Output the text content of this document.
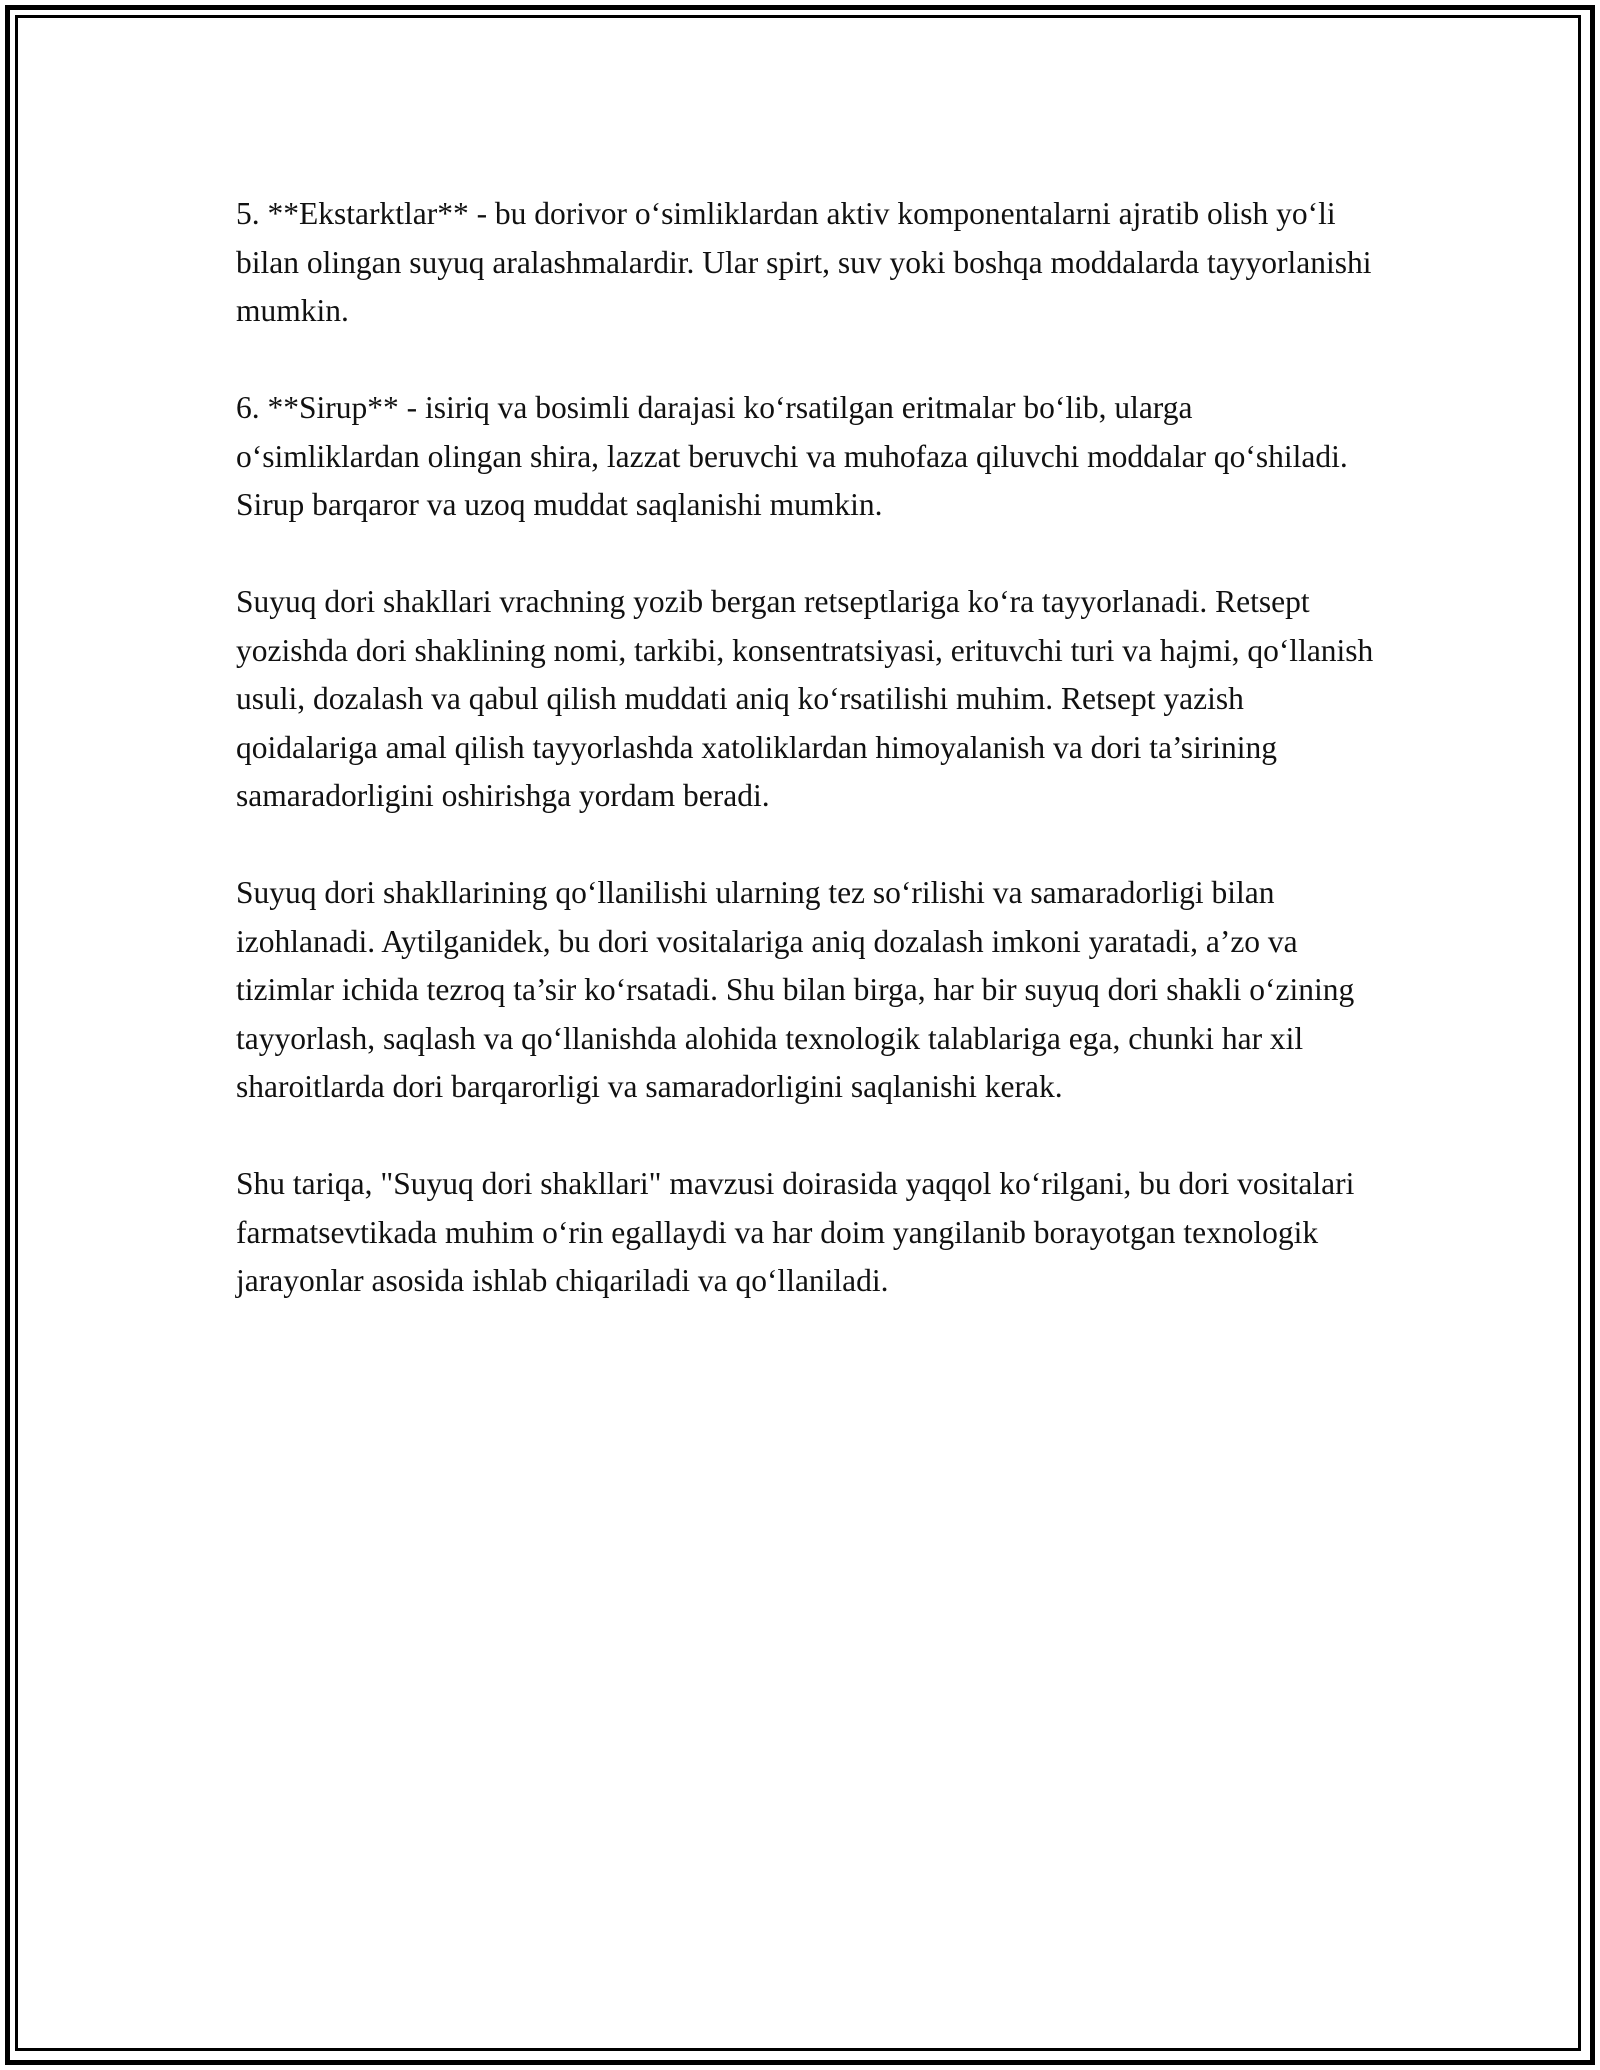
5. **Ekstarktlar** - bu dorivor o‘simliklardan aktiv komponentalarni ajratib olish yo‘li bilan olingan suyuq aralashmalardir. Ular spirt, suv yoki boshqa moddalarda tayyorlanishi mumkin.

6. **Sirup** - isiriq va bosimli darajasi ko‘rsatilgan eritmalar bo‘lib, ularga o‘simliklardan olingan shira, lazzat beruvchi va muhofaza qiluvchi moddalar qo‘shiladi. Sirup barqaror va uzoq muddat saqlanishi mumkin.

Suyuq dori shakllari vrachning yozib bergan retseptlariga ko‘ra tayyorlanadi. Retsept yozishda dori shaklining nomi, tarkibi, konsentratsiyasi, erituvchi turi va hajmi, qo‘llanish usuli, dozalash va qabul qilish muddati aniq ko‘rsatilishi muhim. Retsept yazish qoidalariga amal qilish tayyorlashda xatoliklardan himoyalanish va dori ta’sirining samaradorligini oshirishga yordam beradi.

Suyuq dori shakllarining qo‘llanilishi ularning tez so‘rilishi va samaradorligi bilan izohlanadi. Aytilganidek, bu dori vositalariga aniq dozalash imkoni yaratadi, a’zo va tizimlar ichida tezroq ta’sir ko‘rsatadi. Shu bilan birga, har bir suyuq dori shakli o‘zining tayyorlash, saqlash va qo‘llanishda alohida texnologik talablariga ega, chunki har xil sharoitlarda dori barqarorligi va samaradorligini saqlanishi kerak.

Shu tariqa, "Suyuq dori shakllari" mavzusi doirasida yaqqol ko‘rilgani, bu dori vositalari farmatsevtikada muhim o‘rin egallaydi va har doim yangilanib borayotgan texnologik jarayonlar asosida ishlab chiqariladi va qo‘llaniladi.
